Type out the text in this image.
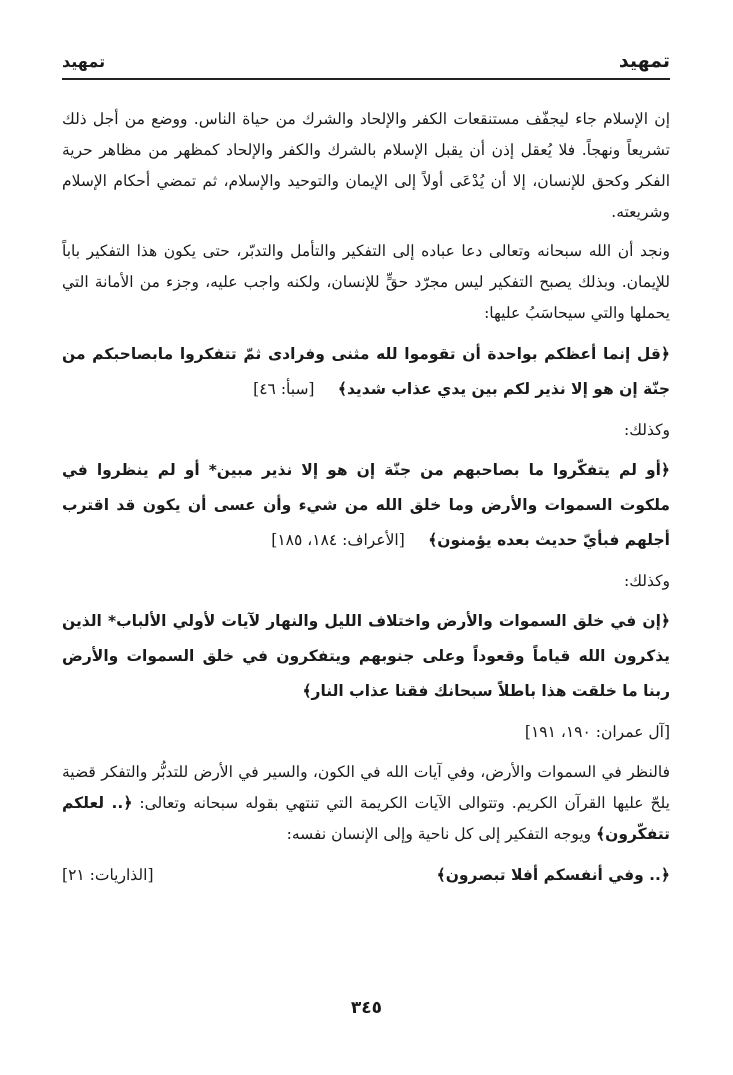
تمهيد
تمهيد

إن الإسلام جاء ليجفّف مستنقعات الكفر والإلحاد والشرك من حياة الناس. ووضع من أجل ذلك تشريعاً ونهجاً. فلا يُعقل إذن أن يقبل الإسلام بالشرك والكفر والإلحاد كمظهر من مظاهر حرية الفكر وكحق للإنسان، إلا أن يُدْعَى أولاً إلى الإيمان والتوحيد والإسلام، ثم تمضي أحكام الإسلام وشريعته.

ونجد أن الله سبحانه وتعالى دعا عباده إلى التفكير والتأمل والتدبّر، حتى يكون هذا التفكير باباً للإيمان. وبذلك يصبح التفكير ليس مجرّد حقٍّ للإنسان، ولكنه واجب عليه، وجزء من الأمانة التي يحملها والتي سيحاسَبُ عليها:

﴿قل إنما أعظكم بواحدة أن تقوموا لله مثنى وفرادى ثمّ تتفكروا مابصاحبكم من جنّة إن هو إلا نذير لكم بين يدي عذاب شديد﴾ [سبأ: ٤٦]

وكذلك:

﴿أو لم يتفكّروا ما بصاحبهم من جنّة إن هو إلا نذير مبين* أو لم ينظروا في ملكوت السموات والأرض وما خلق الله من شيء وأن عسى أن يكون قد اقترب أجلهم فبأيّ حديث بعده يؤمنون﴾ [الأعراف: ١٨٤، ١٨٥]

وكذلك:

﴿إن في خلق السموات والأرض واختلاف الليل والنهار لآيات لأولي الألباب* الذين يذكرون الله قياماً وقعوداً وعلى جنوبهم ويتفكرون في خلق السموات والأرض ربنا ما خلقت هذا باطلاً سبحانك فقنا عذاب النار﴾

[آل عمران: ١٩٠، ١٩١]

فالنظر في السموات والأرض، وفي آيات الله في الكون، والسير في الأرض للتدبُّر والتفكر قضية يلحّ عليها القرآن الكريم. وتتوالى الآيات الكريمة التي تنتهي بقوله سبحانه وتعالى: ﴿.. لعلكم تتفكّرون﴾ ويوجه التفكير إلى كل ناحية وإلى الإنسان نفسه:

﴿.. وفي أنفسكم أفلا تبصرون﴾
[الذاريات: ٢١]
٣٤٥
